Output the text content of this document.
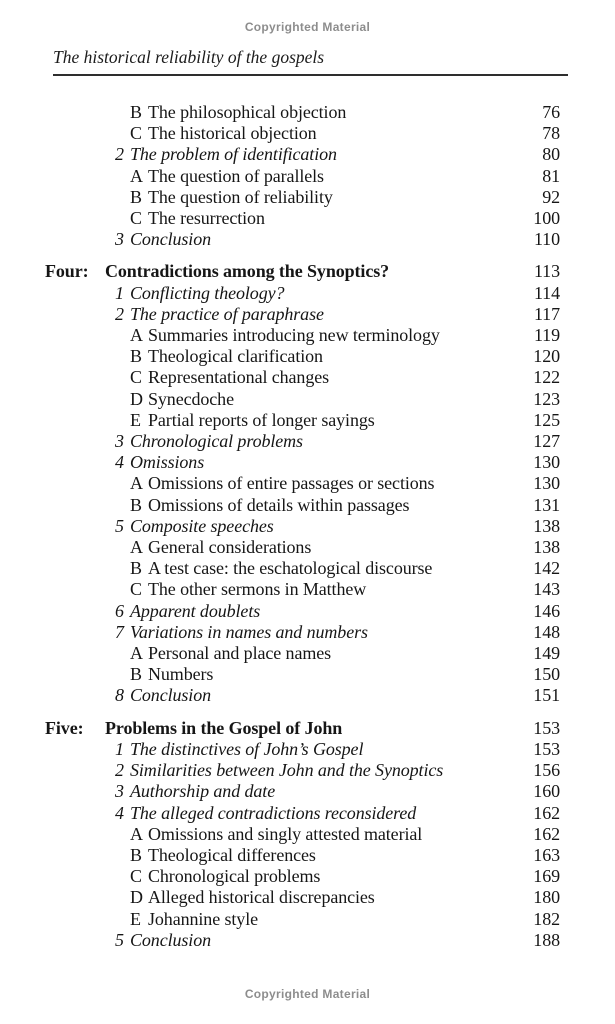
Copyrighted Material
The historical reliability of the gospels
B The philosophical objection	76
C The historical objection	78
2 The problem of identification	80
A The question of parallels	81
B The question of reliability	92
C The resurrection	100
3 Conclusion	110
Four: Contradictions among the Synoptics?	113
1 Conflicting theology?	114
2 The practice of paraphrase	117
A Summaries introducing new terminology	119
B Theological clarification	120
C Representational changes	122
D Synecdoche	123
E Partial reports of longer sayings	125
3 Chronological problems	127
4 Omissions	130
A Omissions of entire passages or sections	130
B Omissions of details within passages	131
5 Composite speeches	138
A General considerations	138
B A test case: the eschatological discourse	142
C The other sermons in Matthew	143
6 Apparent doublets	146
7 Variations in names and numbers	148
A Personal and place names	149
B Numbers	150
8 Conclusion	151
Five:	Problems in the Gospel of John	153
1 The distinctives of John’s Gospel	153
2 Similarities between John and the Synoptics	156
3 Authorship and date	160
4 The alleged contradictions reconsidered	162
A Omissions and singly attested material	162
B Theological differences	163
C Chronological problems	169
D Alleged historical discrepancies	180
E Johannine style	182
5 Conclusion	188
Copyrighted Material
